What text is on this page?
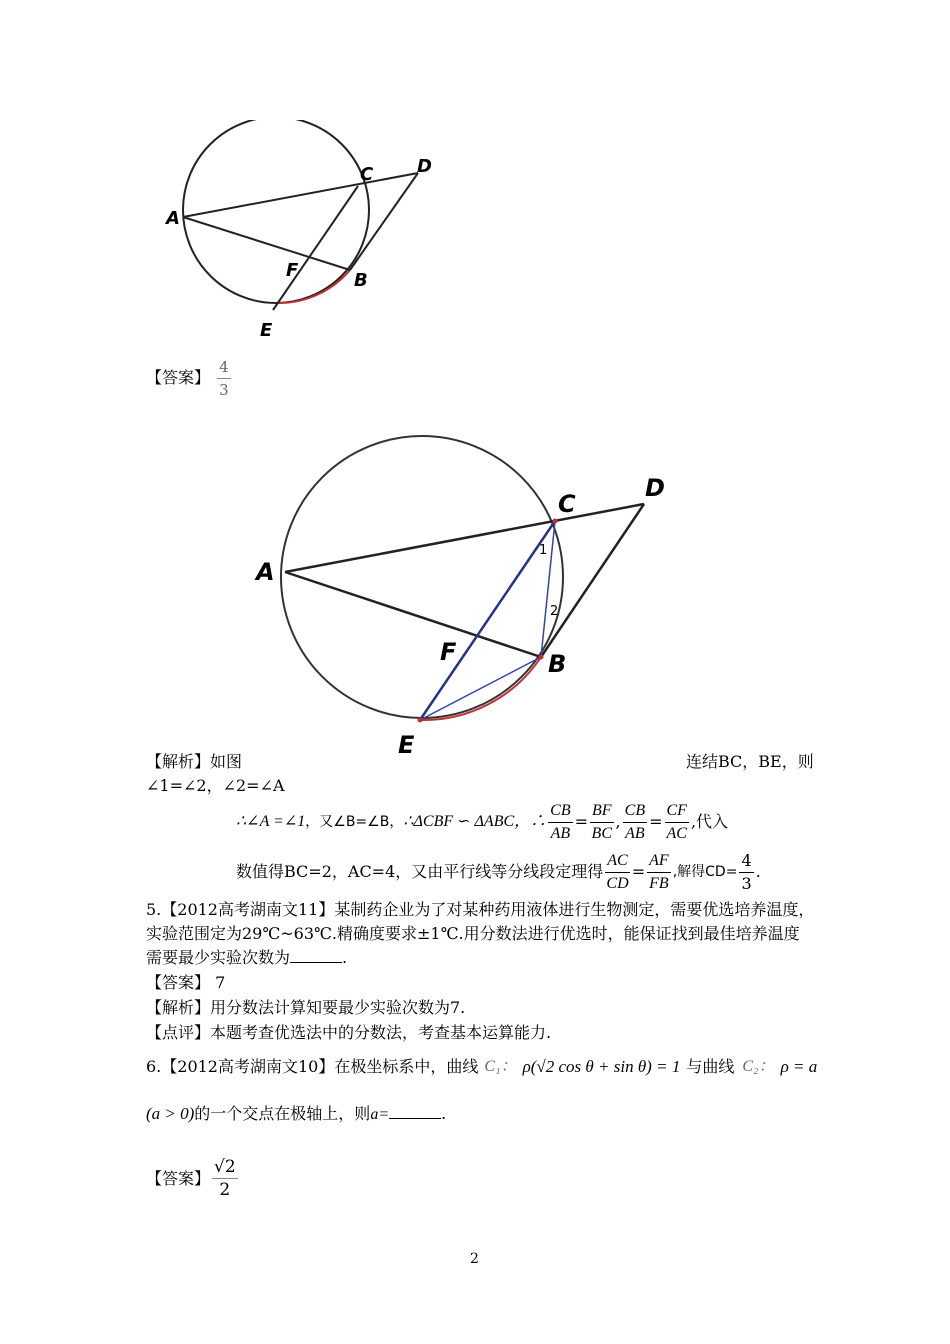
A
C D
F	B
E
【答案】 $\frac{4}{3}$
A
C
D
F	B
E
1
2
【解析】如图	连结BC，BE，则
∠1=∠2，∠2=∠A
∴∠A =∠1 ，又∠B=∠B， ∴ΔCBF ∽ ΔABC，∴ $\frac{CB}{AB} = \frac{BF}{BC}$ , $\frac{CB}{AB} = \frac{CF}{AC}$ ,代入
数值得BC=2，AC=4，又由平行线等分线段定理得 $\frac{AC}{CD} = \frac{AF}{FB}$ ,解得$CD= \frac{4}{3}$ .
5.【2012高考湖南文11】某制药企业为了对某种药用液体进行生物测定，需要优选培养温度，
实验范围定为29℃~63℃.精确度要求±1℃.用分数法进行优选时，能保证找到最佳培养温度
需要最少实验次数为	.
【答案】 7
【解析】用分数法计算知要最少实验次数为7.
【点评】本题考查优选法中的分数法，考查基本运算能力.
6.【2012高考湖南文10】在极坐标系中，曲线 C₁： ρ(√2 cos θ + sin θ) = 1 与曲线 C₂： ρ = a
(a > 0)的一个交点在极轴上，则a=	.
【答案】 $\frac{√2}{2}$
2
